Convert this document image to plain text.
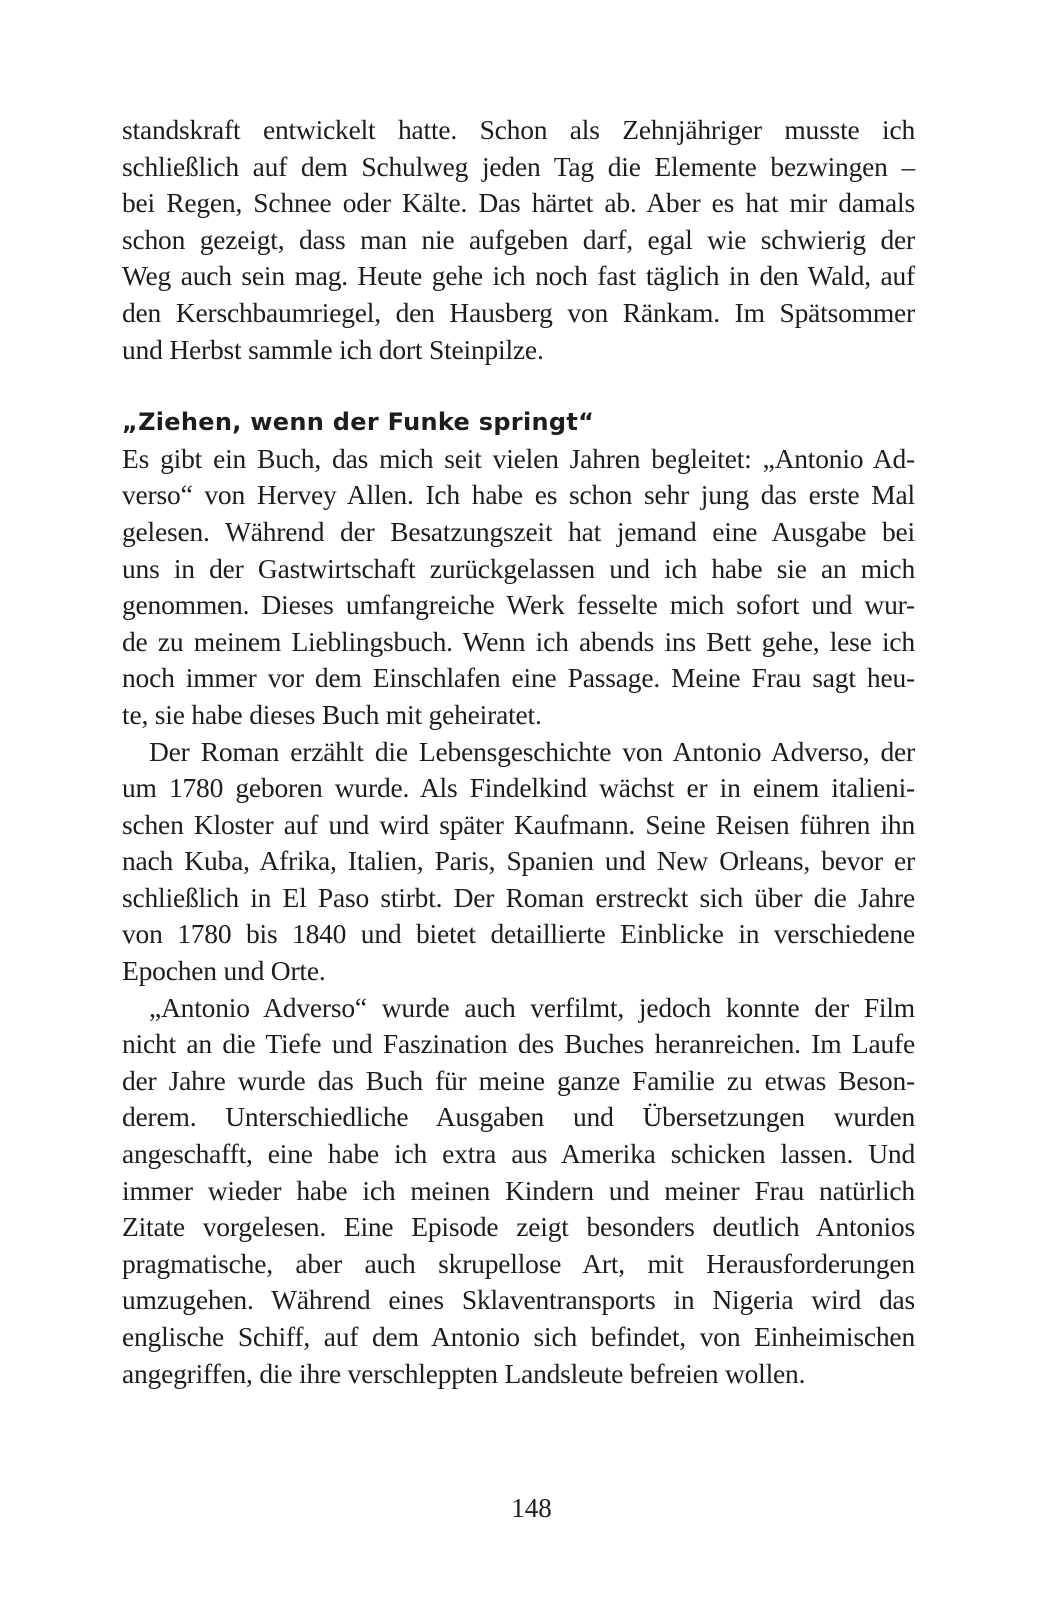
standskraft entwickelt hatte. Schon als Zehnjähriger musste ich
schließlich auf dem Schulweg jeden Tag die Elemente bezwingen –
bei Regen, Schnee oder Kälte. Das härtet ab. Aber es hat mir damals
schon gezeigt, dass man nie aufgeben darf, egal wie schwierig der
Weg auch sein mag. Heute gehe ich noch fast täglich in den Wald, auf
den Kerschbaumriegel, den Hausberg von Ränkam. Im Spätsommer
und Herbst sammle ich dort Steinpilze.
„Ziehen, wenn der Funke springt“
Es gibt ein Buch, das mich seit vielen Jahren begleitet: „Antonio Ad-
verso“ von Hervey Allen. Ich habe es schon sehr jung das erste Mal
gelesen. Während der Besatzungszeit hat jemand eine Ausgabe bei
uns in der Gastwirtschaft zurückgelassen und ich habe sie an mich
genommen. Dieses umfangreiche Werk fesselte mich sofort und wur-
de zu meinem Lieblingsbuch. Wenn ich abends ins Bett gehe, lese ich
noch immer vor dem Einschlafen eine Passage. Meine Frau sagt heu-
te, sie habe dieses Buch mit geheiratet.
Der Roman erzählt die Lebensgeschichte von Antonio Adverso, der
um 1780 geboren wurde. Als Findelkind wächst er in einem italieni-
schen Kloster auf und wird später Kaufmann. Seine Reisen führen ihn
nach Kuba, Afrika, Italien, Paris, Spanien und New Orleans, bevor er
schließlich in El Paso stirbt. Der Roman erstreckt sich über die Jahre
von 1780 bis 1840 und bietet detaillierte Einblicke in verschiedene
Epochen und Orte.
„Antonio Adverso“ wurde auch verfilmt, jedoch konnte der Film
nicht an die Tiefe und Faszination des Buches heranreichen. Im Laufe
der Jahre wurde das Buch für meine ganze Familie zu etwas Beson-
derem. Unterschiedliche Ausgaben und Übersetzungen wurden
angeschafft, eine habe ich extra aus Amerika schicken lassen. Und
immer wieder habe ich meinen Kindern und meiner Frau natürlich
Zitate vorgelesen. Eine Episode zeigt besonders deutlich Antonios
pragmatische, aber auch skrupellose Art, mit Herausforderungen
umzugehen. Während eines Sklaventransports in Nigeria wird das
englische Schiff, auf dem Antonio sich befindet, von Einheimischen
angegriffen, die ihre verschleppten Landsleute befreien wollen.
148
